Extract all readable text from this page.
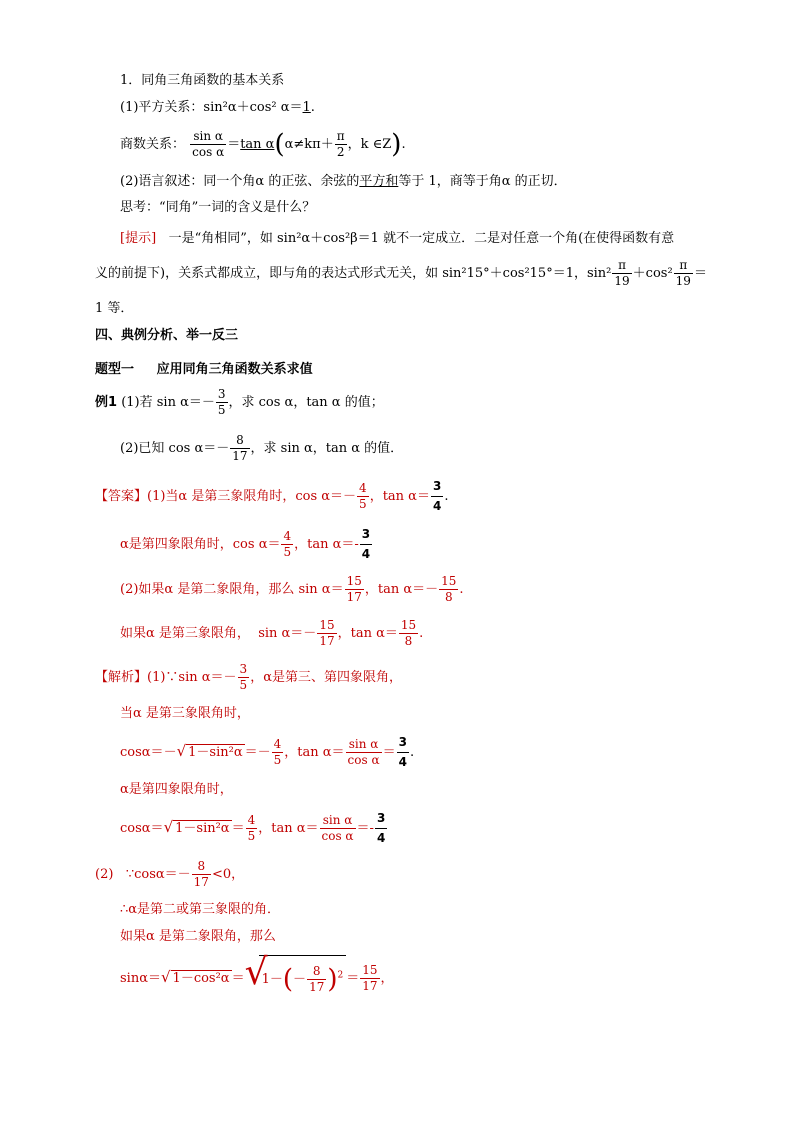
1．同角三角函数的基本关系
(1)平方关系：sin²α＋cos² α＝1.
商数关系： $\frac{\text{sin α}}{\text{cos α}} =\tan$ $\alpha(\alpha\ne k\pi+ \frac{\pi}{2}$ ，k ∈Z).
(2)语言叙述：同一个角α 的正弦、余弦的平方和等于 1，商等于角α 的正切．
思考：“同角”一词的含义是什么？
[提示] 一是“角相同”，如 sin²α＋cos²β＝1 就不一定成立．二是对任意一个角(在使得函数有意
义的前提下)，关系式都成立，即与角的表达式形式无关，如 sin²15°＋cos²15°＝1，$\sin^2 \frac{\pi}{19} +\cos^2 \frac{\pi}{19}$ ＝
1 等．
四、典例分析、举一反三
题型一 应用同角三角函数关系求值
例1 (1)若 $\sin \alpha=- \frac{3}{5}$ ，求 cos α，tan α 的值；
(2)已知 $\cos \alpha=- \frac{8}{17}$ ，求 sin α，tan α 的值．
【答案】(1)当α 是第三象限角时，$\cos \alpha=- \frac{4}{5}$ ，$\tan \alpha= \frac{3}{4}$ .
α是第四象限角时，$\cos \alpha= \frac{4}{5}$ ，$\tan \alpha=- \frac{3}{4}$
(2)如果α 是第二象限角，那么 $\sin \alpha= \frac{15}{17}$ ，$\tan \alpha=- \frac{15}{8}$ .
如果α 是第三象限角， $\sin \alpha=- \frac{15}{17}$ ，$\tan \alpha= \frac{15}{8}$ .
【解析】(1)∵sin $\alpha=- \frac{3}{5}$ ，α是第三、第四象限角，
当α 是第三象限角时，
cosα＝－√ $1-\sin^2\alpha =- \frac{4}{5}$ ，$\tan \alpha= \frac{\text{sin α}}{\text{cos α}} = \frac{3}{4}$ .
α是第四象限角时，
cosα＝√ $1-\sin^2\alpha = \frac{4}{5}$ ，$\tan \alpha= \frac{\text{sin α}}{\text{cos α}} =- \frac{3}{4}$
(2) ∵cosα＝－ $\frac{8}{17} <0$，
∴α是第二或第三象限的角．
如果α 是第二象限角，那么
sinα＝√ 1－cos²α ＝ √
$1-(- \frac{8}{17} )^2 = \frac{15}{17}$ ，
